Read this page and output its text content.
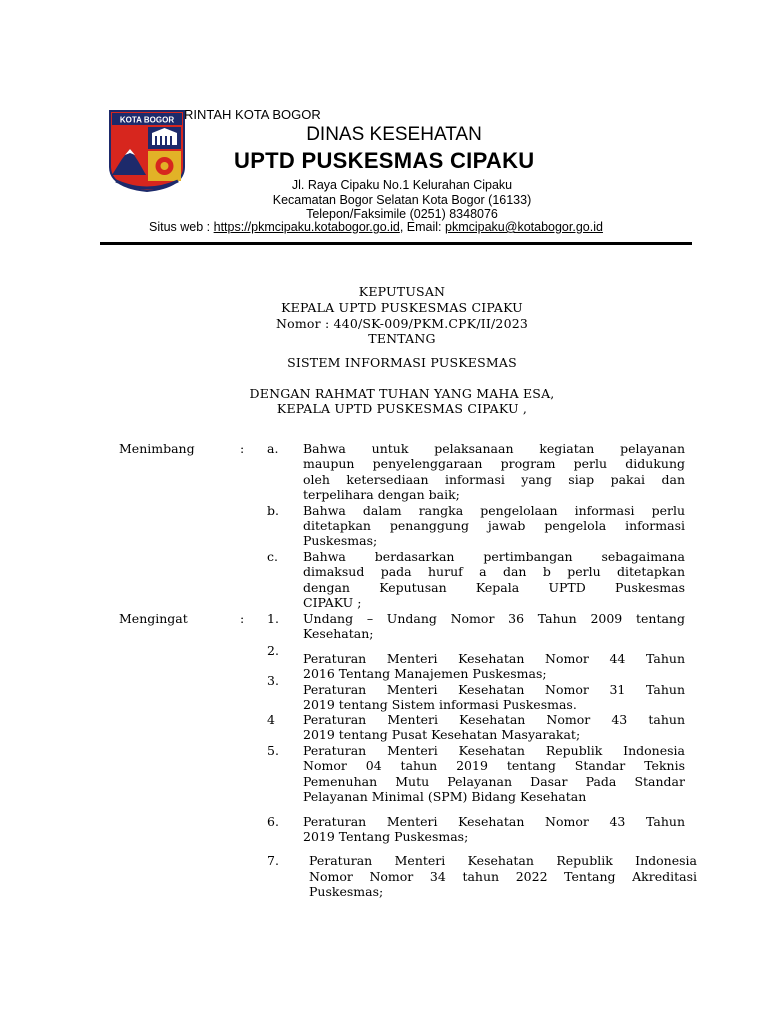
KOTA BOGOR RINTAH KOTA BOGOR
DINAS KESEHATAN
UPTD PUSKESMAS CIPAKU
Jl. Raya Cipaku No.1 Kelurahan Cipaku
Kecamatan Bogor Selatan Kota Bogor (16133)
Telepon/Faksimile (0251) 8348076
Situs web : https://pkmcipaku.kotabogor.go.id, Email: pkmcipaku@kotabogor.go.id
KEPUTUSAN
KEPALA UPTD PUSKESMAS CIPAKU
Nomor : 440/SK-009/PKM.CPK/II/2023
TENTANG
SISTEM INFORMASI PUSKESMAS
DENGAN RAHMAT TUHAN YANG MAHA ESA,
KEPALA UPTD PUSKESMAS CIPAKU ,
Menimbang	: a. Bahwa untuk pelaksanaan kegiatan pelayanan
maupun penyelenggaraan program perlu didukung
oleh ketersediaan informasi yang siap pakai dan
terpelihara dengan baik;
b. Bahwa dalam rangka pengelolaan informasi perlu
ditetapkan penanggung jawab pengelola informasi
Puskesmas;
c. Bahwa berdasarkan pertimbangan sebagaimana
dimaksud pada huruf a dan b perlu ditetapkan
dengan Keputusan Kepala UPTD Puskesmas
CIPAKU ;
Mengingat	: 1. Undang – Undang Nomor 36 Tahun 2009 tentang
Kesehatan;
2.
Peraturan Menteri Kesehatan Nomor 44 Tahun
2016 Tentang Manajemen Puskesmas;
3.
Peraturan Menteri Kesehatan Nomor 31 Tahun
2019 tentang Sistem informasi Puskesmas.
4 Peraturan Menteri Kesehatan Nomor 43 tahun
2019 tentang Pusat Kesehatan Masyarakat;
5. Peraturan Menteri Kesehatan Republik Indonesia
Nomor 04 tahun 2019 tentang Standar Teknis
Pemenuhan Mutu Pelayanan Dasar Pada Standar
Pelayanan Minimal (SPM) Bidang Kesehatan
6. Peraturan Menteri Kesehatan Nomor 43 Tahun
2019 Tentang Puskesmas;
7. Peraturan Menteri Kesehatan Republik Indonesia
Nomor Nomor 34 tahun 2022 Tentang Akreditasi
Puskesmas;
